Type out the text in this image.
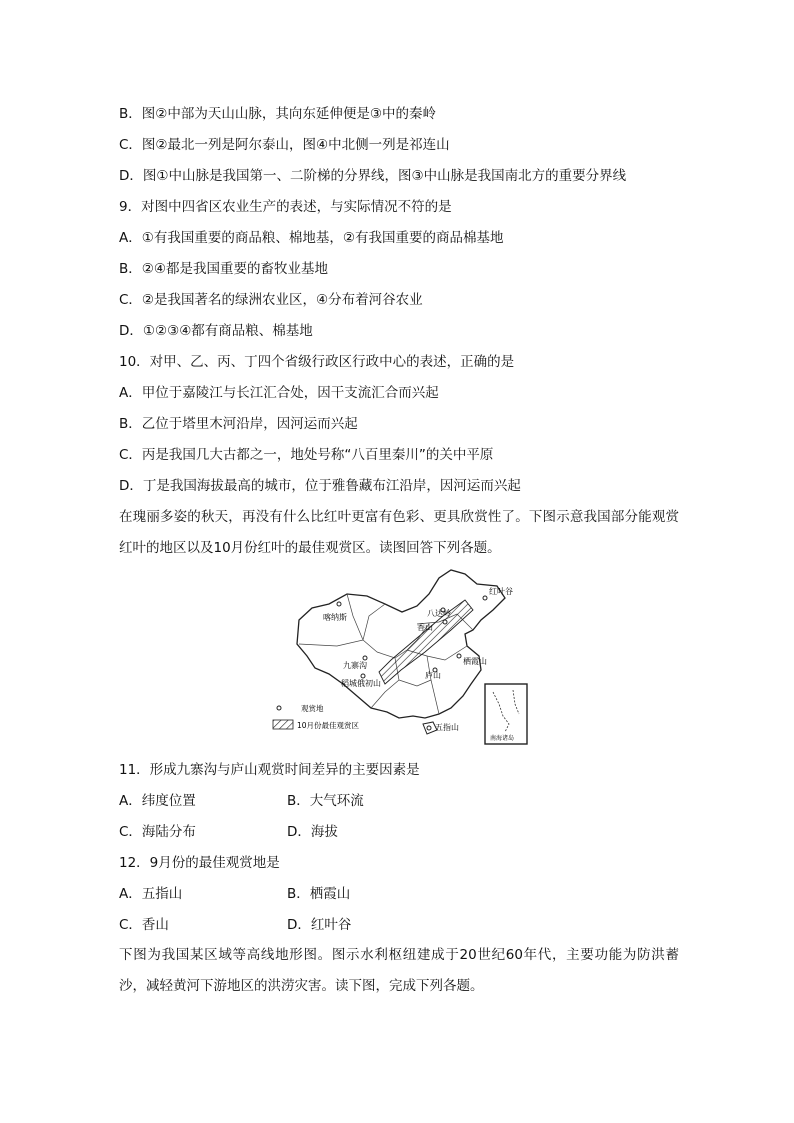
B．图②中部为天山山脉，其向东延伸便是③中的秦岭
C．图②最北一列是阿尔泰山，图④中北侧一列是祁连山
D．图①中山脉是我国第一、二阶梯的分界线，图③中山脉是我国南北方的重要分界线
9．对图中四省区农业生产的表述，与实际情况不符的是
A．①有我国重要的商品粮、棉地基，②有我国重要的商品棉基地
B．②④都是我国重要的畜牧业基地
C．②是我国著名的绿洲农业区，④分布着河谷农业
D．①②③④都有商品粮、棉基地
10．对甲、乙、丙、丁四个省级行政区行政中心的表述，正确的是
A．甲位于嘉陵江与长江汇合处，因干支流汇合而兴起
B．乙位于塔里木河沿岸，因河运而兴起
C．丙是我国几大古都之一，地处号称“八百里秦川”的关中平原
D．丁是我国海拔最高的城市，位于雅鲁藏布江沿岸，因河运而兴起
在瑰丽多姿的秋天，再没有什么比红叶更富有色彩、更具欣赏性了。下图示意我国部分能观赏红叶的地区以及10月份红叶的最佳观赏区。读图回答下列各题。
喀纳斯	八达岭
红叶谷
香山
九寨沟	栖霞山
稻城俄初山
庐山
五指山
观赏地
10月份最佳观赏区
南海诸岛
11．形成九寨沟与庐山观赏时间差异的主要因素是
A．纬度位置	B．大气环流
C．海陆分布	D．海拔
12．9月份的最佳观赏地是
A．五指山	B．栖霞山
C．香山	D．红叶谷
下图为我国某区域等高线地形图。图示水利枢纽建成于20世纪60年代，主要功能为防洪蓄沙，减轻黄河下游地区的洪涝灾害。读下图，完成下列各题。
